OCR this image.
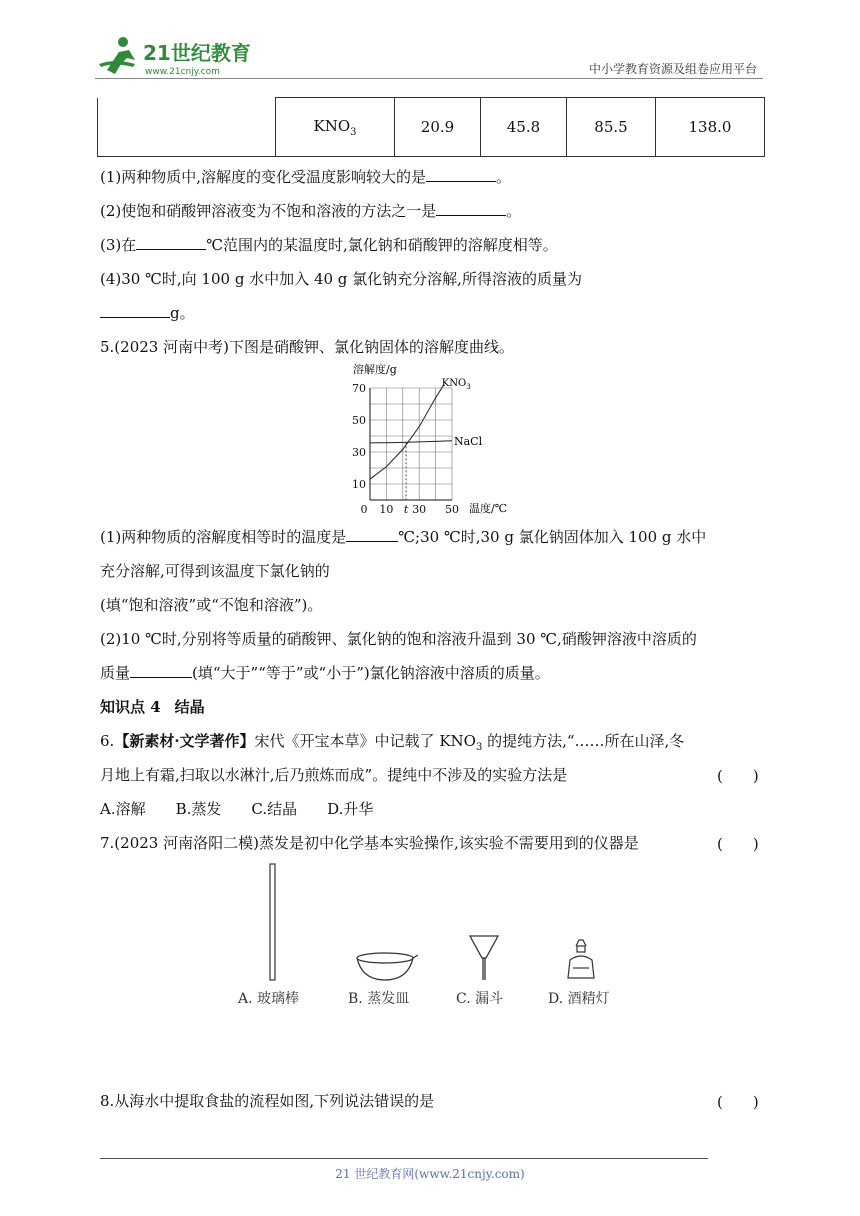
21世纪教育
www.21cnjy.com	中小学教育资源及组卷应用平台
	$KNO_3$	20.9	45.8	85.5	138.0
(1)两种物质中,溶解度的变化受温度影响较大的是	。
(2)使饱和硝酸钾溶液变为不饱和溶液的方法之一是	。
(3)在	℃范围内的某温度时,氯化钠和硝酸钾的溶解度相等。
(4)30 ℃时,向 100 g 水中加入 40 g 氯化钠充分溶解,所得溶液的质量为
g。
5.(2023 河南中考)下图是硝酸钾、氯化钠固体的溶解度曲线。
10
30
50
70
0 10 t 30 50
$KNO_3$
NaCl
溶解度/g
温度/℃
(1)两种物质的溶解度相等时的温度是	℃;30 ℃时,30 g 氯化钠固体加入 100 g 水中
充分溶解,可得到该温度下氯化钠的
(填“饱和溶液”或“不饱和溶液”)。
(2)10 ℃时,分别将等质量的硝酸钾、氯化钠的饱和溶液升温到 30 ℃,硝酸钾溶液中溶质的
质量	(填“大于”“等于”或“小于”)氯化钠溶液中溶质的质量。
知识点 4 结晶
6.【新素材·文学著作】宋代《开宝本草》中记载了 $KNO_3$ 的提纯方法,“……所在山泽,冬
月地上有霜,扫取以水淋汁,后乃煎炼而成”。提纯中不涉及的实验方法是	(　　)
A.溶解 B.蒸发 C.结晶 D.升华
7.(2023 河南洛阳二模)蒸发是初中化学基本实验操作,该实验不需要用到的仪器是	(　　)
A. 玻璃棒	B. 蒸发皿	C. 漏斗	D. 酒精灯
8.从海水中提取食盐的流程如图,下列说法错误的是	(　　)
21 世纪教育网(www.21cnjy.com)
